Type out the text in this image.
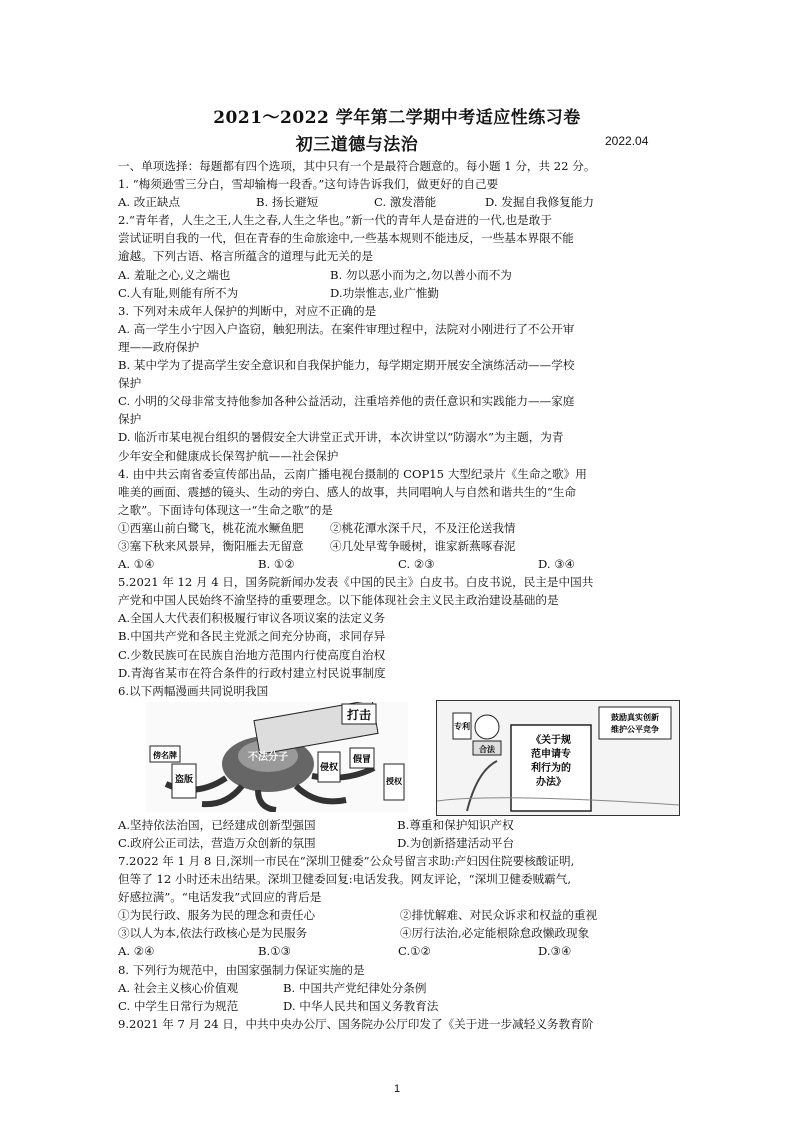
2021～2022 学年第二学期中考适应性练习卷
初三道德与法治	2022.04
一、单项选择：每题都有四个选项，其中只有一个是最符合题意的。每小题 1 分，共 22 分。
1. “梅须逊雪三分白，雪却输梅一段香。”这句诗告诉我们，做更好的自己要
A. 改正缺点	B. 扬长避短	C. 激发潜能	D. 发掘自我修复能力
2.“青年者，人生之王,人生之春,人生之华也。”新一代的青年人是奋进的一代,也是敢于
尝试证明自我的一代，但在青春的生命旅途中,一些基本规则不能违反，一些基本界限不能
逾越。下列古语、格言所蕴含的道理与此无关的是
A. 羞耻之心,义之端也	B. 勿以恶小而为之,勿以善小而不为
C.人有耻,则能有所不为	D.功崇惟志,业广惟勤
3. 下列对未成年人保护的判断中，对应不正确的是
A. 高一学生小宁因入户盗窃，触犯刑法。在案件审理过程中，法院对小刚进行了不公开审
理——政府保护
B. 某中学为了提高学生安全意识和自我保护能力，每学期定期开展安全演练活动——学校
保护
C. 小明的父母非常支持他参加各种公益活动，注重培养他的责任意识和实践能力——家庭
保护
D. 临沂市某电视台组织的暑假安全大讲堂正式开讲，本次讲堂以“防溺水”为主题，为青
少年安全和健康成长保驾护航——社会保护
4. 由中共云南省委宣传部出品，云南广播电视台摄制的 COP15 大型纪录片《生命之歌》用
唯美的画面、震撼的镜头、生动的旁白、感人的故事，共同唱响人与自然和谐共生的“生命
之歌”。下面诗句体现这一“生命之歌”的是
①西塞山前白鹭飞，桃花流水鳜鱼肥	②桃花潭水深千尺，不及汪伦送我情
③塞下秋来风景异，衡阳雁去无留意	④几处早莺争暖树，谁家新燕啄春泥
A. ①④	B. ①②	C. ②③	D. ③④
5.2021 年 12 月 4 日，国务院新闻办发表《中国的民主》白皮书。白皮书说，民主是中国共
产党和中国人民始终不渝坚持的重要理念。以下能体现社会主义民主政治建设基础的是
A.全国人大代表们积极履行审议各项议案的法定义务
B.中国共产党和各民主党派之间充分协商，求同存异
C.少数民族可在民族自治地方范围内行使高度自治权
D.青海省某市在符合条件的行政村建立村民说事制度
6.以下两幅漫画共同说明我国
打击
不法分子
盗版
侵权
假冒
傍名牌
授权
《关于规
范申请专
利行为的
办法》
鼓励真实创新
维护公平竞争
专利
合法
A.坚持依法治国，已经建成创新型强国	B.尊重和保护知识产权
C.政府公正司法，营造万众创新的氛围	D.为创新搭建活动平台
7.2022 年 1 月 8 日,深圳一市民在“深圳卫健委”公众号留言求助:产妇因住院要核酸证明,
但等了 12 小时还未出结果。深圳卫健委回复:电话发我。网友评论，“深圳卫健委贼霸气,
好感拉满”。“电话发我”式回应的背后是
①为民行政、服务为民的理念和责任心	②排忧解难、对民众诉求和权益的重视
③以人为本,依法行政核心是为民服务	④厉行法治,必定能根除怠政懒政现象
A. ②④	B.①③	C.①②	D.③④
8. 下列行为规范中，由国家强制力保证实施的是
A. 社会主义核心价值观	B. 中国共产党纪律处分条例
C. 中学生日常行为规范	D. 中华人民共和国义务教育法
9.2021 年 7 月 24 日，中共中央办公厅、国务院办公厅印发了《关于进一步减轻义务教育阶
1
